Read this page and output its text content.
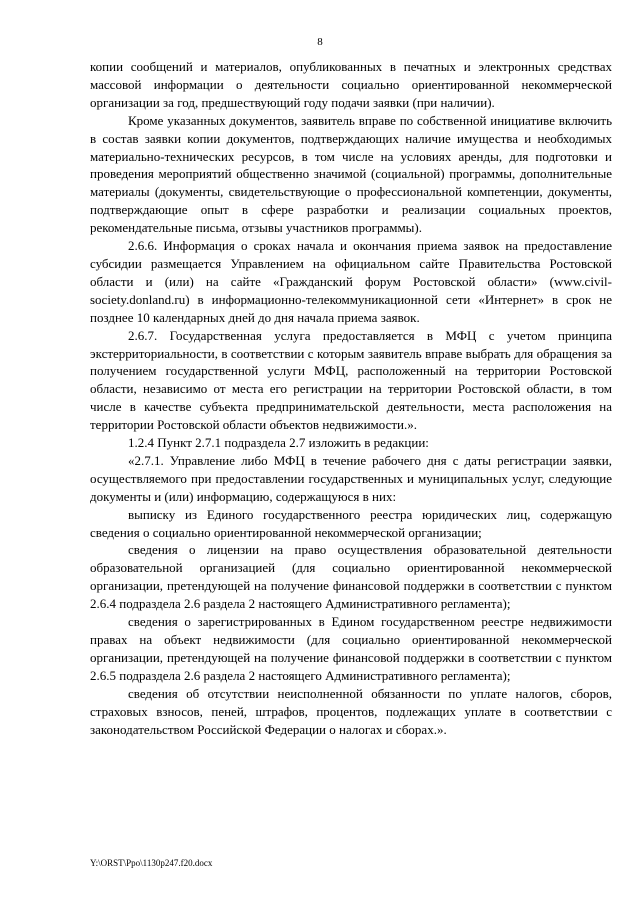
8

копии сообщений и материалов, опубликованных в печатных и электронных средствах массовой информации о деятельности социально ориентированной некоммерческой организации за год, предшествующий году подачи заявки (при наличии).

Кроме указанных документов, заявитель вправе по собственной инициативе включить в состав заявки копии документов, подтверждающих наличие имущества и необходимых материально-технических ресурсов, в том числе на условиях аренды, для подготовки и проведения мероприятий общественно значимой (социальной) программы, дополнительные материалы (документы, свидетельствующие о профессиональной компетенции, документы, подтверждающие опыт в сфере разработки и реализации социальных проектов, рекомендательные письма, отзывы участников программы).

2.6.6. Информация о сроках начала и окончания приема заявок на предоставление субсидии размещается Управлением на официальном сайте Правительства Ростовской области и (или) на сайте «Гражданский форум Ростовской области» (www.civil-society.donland.ru) в информационно-телекоммуникационной сети «Интернет» в срок не позднее 10 календарных дней до дня начала приема заявок.

2.6.7. Государственная услуга предоставляется в МФЦ с учетом принципа экстерриториальности, в соответствии с которым заявитель вправе выбрать для обращения за получением государственной услуги МФЦ, расположенный на территории Ростовской области, независимо от места его регистрации на территории Ростовской области, в том числе в качестве субъекта предпринимательской деятельности, места расположения на территории Ростовской области объектов недвижимости.».

1.2.4 Пункт 2.7.1 подраздела 2.7 изложить в редакции:

«2.7.1. Управление либо МФЦ в течение рабочего дня с даты регистрации заявки, осуществляемого при предоставлении государственных и муниципальных услуг, следующие документы и (или) информацию, содержащуюся в них:

выписку из Единого государственного реестра юридических лиц, содержащую сведения о социально ориентированной некоммерческой организации;

сведения о лицензии на право осуществления образовательной деятельности образовательной организацией (для социально ориентированной некоммерческой организации, претендующей на получение финансовой поддержки в соответствии с пунктом 2.6.4 подраздела 2.6 раздела 2 настоящего Административного регламента);

сведения о зарегистрированных в Едином государственном реестре недвижимости правах на объект недвижимости (для социально ориентированной некоммерческой организации, претендующей на получение финансовой поддержки в соответствии с пунктом 2.6.5 подраздела 2.6 раздела 2 настоящего Административного регламента);

сведения об отсутствии неисполненной обязанности по уплате налогов, сборов, страховых взносов, пеней, штрафов, процентов, подлежащих уплате в соответствии с законодательством Российской Федерации о налогах и сборах.».

Y:\ORST\Ppo\1130p247.f20.docx
